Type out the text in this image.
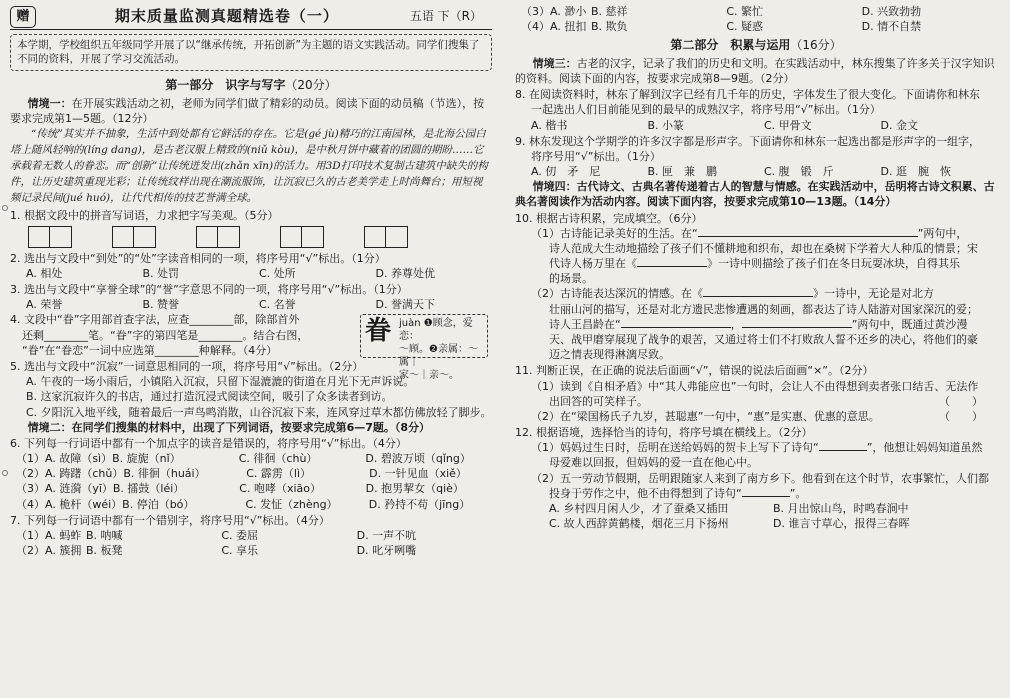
赠	期末质量监测真题精选卷（一）	五语 下（R）

本学期，学校组织五年级同学开展了以“继承传统，开拓创新”为主题的语文实践活动。同学们搜集了不同的资料，开展了学习交流活动。

第一部分　识字与写字（20分）

情境一：在开展实践活动之初，老师为同学们做了精彩的动员。阅读下面的动员稿（节选），按要求完成第1—5题。（12分）

“传统”其实并不抽象，生活中到处都有它鲜活的存在。它是(gé jù)精巧的江南园林，是北海公园白塔上随风轻响的(líng dang)，是古老汉服上精致的(niǔ kòu)，是中秋月饼中藏着的团圆的期盼……它承载着无数人的眷恋。而“创新”让传统迸发出(zhǎn xīn)的活力。用3D打印技术复制古建筑中缺失的构件，让历史建筑重现光彩；让传统纹样出现在潮流服饰，让沉寂已久的古老美学走上时尚舞台；用短视频记录民间(jué huó)，让代代相传的技艺誉满全球。

1. 根据文段中的拼音写词语，力求把字写美观。（5分）

2. 选出与文段中“到处”的“处”字读音相同的一项，将序号用“√”标出。（1分）

A. 相处	B. 处罚	C. 处所	D. 养尊处优

3. 选出与文段中“享誉全球”的“誉”字意思不同的一项，将序号用“√”标出。（1分）

A. 荣誉	B. 赞誉	C. 名誉	D. 誉满天下

4. 文段中“眷”字用部首查字法，应查________部，除部首外

还剩________笔。“眷”字的第四笔是________。结合右图，

“眷”在“眷恋”一词中应选第________种解释。（4分）

眷 juàn ❶顾念，爱恋：
～顾。❷亲属：～属｜
家～｜亲～。

5. 选出与文段中“沉寂”一词意思相同的一项，将序号用“√”标出。（2分）

A. 午夜的一场小雨后，小镇陷入沉寂，只留下湿漉漉的街道在月光下无声诉说。

B. 这家沉寂许久的书店，通过打造沉浸式阅读空间，吸引了众多读者到访。

C. 夕阳沉入地平线，随着最后一声鸟鸣消散，山谷沉寂下来，连风穿过草木都仿佛放轻了脚步。

情境二：在同学们搜集的材料中，出现了下列词语，按要求完成第6—7题。（8分）

6. 下列每一行词语中都有一个加点字的读音是错误的，将序号用“√”标出。（4分）

（1）A. 故障（sì） B. 旋旎（nǐ）	C. 徘徊（chù）	D. 碧波万顷（qǐng）
（2）A. 踌躇（chǔ） B. 徘徊（huái）	C. 霹雳（lì）	D. 一针见血（xiě）
（3）A. 涟漪（yī） B. 擂鼓（léi）	C. 咆哮（xiāo）	D. 抱男挈女（qiè）
（4）A. 桅杆（wéi） B. 停泊（bó）	C. 发怔（zhèng）	D. 矜持不苟（jīng）

7. 下列每一行词语中都有一个错别字，将序号用“√”标出。（4分）

（1）A. 蚂蚱 B. 呐喊	C. 委屈	D. 一声不吭
（2）A. 簇拥 B. 板凳	C. 享乐	D. 叱牙咧嘴
（3）A. 渺小 B. 慈祥	C. 繁忙	D. 兴致勃勃
（4）A. 扭扣 B. 欺负	C. 疑惑	D. 情不自禁
第二部分　积累与运用（16分）

情境三：古老的汉字，记录了我们的历史和文明。在实践活动中，林东搜集了许多关于汉字知识的资料。阅读下面的内容，按要求完成第8—9题。（2分）

8. 在阅读资料时，林东了解到汉字已经有几千年的历史，字体发生了很大变化。下面请你和林东

一起选出人们目前能见到的最早的成熟汉字，将序号用“√”标出。（1分）

A. 楷书	B. 小篆	C. 甲骨文	D. 金文

9. 林东发现这个学期学的许多汉字都是形声字。下面请你和林东一起选出都是形声字的一组字，

将序号用“√”标出。（1分）

A. 仞　矛　尼	B. 匣　兼　鹏	C. 腹　锻　斤	D. 逛　腕　恢

情境四：古代诗文、古典名著传递着古人的智慧与情感。在实践活动中，岳明将古诗文积累、古典名著阅读作为活动内容。阅读下面内容，按要求完成第10—13题。（14分）

10. 根据古诗积累，完成填空。（6分）

（1）古诗能记录美好的生活。在“	”两句中，

诗人范成大生动地描绘了孩子们不懂耕地和织布，却也在桑树下学着大人种瓜的情景；宋

代诗人杨万里在《	》一诗中则描绘了孩子们在冬日玩耍冰块，自得其乐

的场景。

（2）古诗能表达深沉的情感。在《	》一诗中，无论是对北方

壮丽山河的描写，还是对北方遗民悲惨遭遇的刻画，都表达了诗人陆游对国家深沉的爱；

诗人王昌龄在“	，	”两句中，既通过黄沙漫

天、战甲磨穿展现了战争的艰苦，又通过将士们不打败敌人誓不还乡的决心，将他们的豪

迈之情表现得淋漓尽致。

11. 判断正误，在正确的说法后面画“√”，错误的说法后面画“×”。（2分）

（1）读到《自相矛盾》中“其人弗能应也”一句时，会让人不由得想到卖者张口结舌、无法作

出回答的可笑样子。	（　　）
（2）在“梁国杨氏子九岁，甚聪惠”一句中，“惠”是实惠、优惠的意思。	（　　）

12. 根据语境，选择恰当的诗句，将序号填在横线上。（2分）

（1）妈妈过生日时，岳明在送给妈妈的贺卡上写下了诗句“	”，他想让妈妈知道虽然

母爱难以回报，但妈妈的爱一直在他心中。

（2）五一劳动节假期，岳明跟随家人来到了南方乡下。他看到在这个时节，农事繁忙，人们都

投身于劳作之中，他不由得想到了诗句“	”。

A. 乡村四月闲人少，才了蚕桑又插田	B. 月出惊山鸟，时鸣春涧中
C. 故人西辞黄鹤楼，烟花三月下扬州	D. 谁言寸草心，报得三春晖
